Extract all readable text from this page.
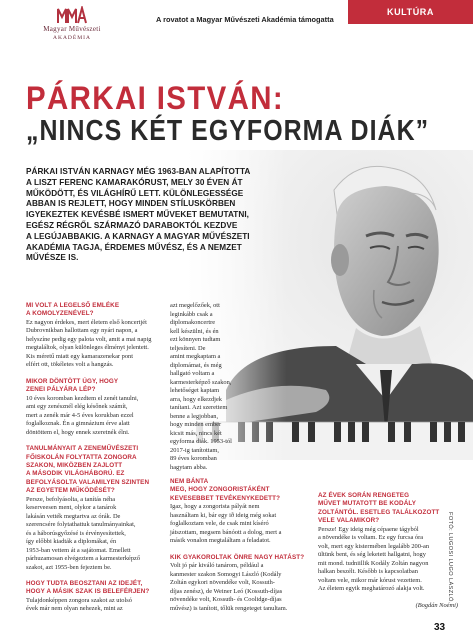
Magyar Művészeti
AKADÉMIA
A rovatot a Magyar Művészeti Akadémia támogatta
KULTÚRA
PÁRKAI ISTVÁN:
„NINCS KÉT EGYFORMA DIÁK”
PÁRKAI ISTVÁN KARNAGY MÉG 1963-BAN ALAPÍTOTTA
A LISZT FERENC KAMARAKÓRUST, MELY 30 ÉVEN ÁT
MŰKÖDÖTT, ÉS VILÁGHÍRŰ LETT. KÜLÖNLEGESSÉGE
ABBAN IS REJLETT, HOGY MINDEN STÍLUSKÖRBEN
IGYEKEZTEK KEVÉSBÉ ISMERT MŰVEKET BEMUTATNI,
EGÉSZ RÉGRŐL SZÁRMAZÓ DARABOKTÓL KEZDVE
A LEGÚJABBAKIG. A KARNAGY A MAGYAR MŰVÉSZETI
AKADÉMIA TAGJA, ÉRDEMES MŰVÉSZ, ÉS A NEMZET
MŰVÉSZE IS.
MI VOLT A LEGELSŐ EMLÉKE
A KOMOLYZENÉVEL?
Ez nagyon érdekes, mert életem első koncertjét
Dubrovnikban hallottam egy nyári napon, a
helyszíne pedig egy palota volt, amit a mai napig
megtaláltok, olyan különleges élményt jelentett.
Kis méretű miatt egy kamarazenekar pont
elfért ott, tökéletes volt a hangzás.
MIKOR DÖNTÖTT ÚGY, HOGY
ZENEI PÁLYÁRA LÉP?
10 éves koromban kezdtem el zenét tanulni,
ami egy zenésznél elég későnek számít,
mert a zenék már 4-5 éves korukban ezzel
foglalkoznak. Én a gimnázium érve alatt
döntöttem el, hogy ennek szeretnék élni.
TANULMÁNYAIT A ZENEMŰVÉSZETI
FŐISKOLÁN FOLYTATTA ZONGORA
SZAKON, MIKÖZBEN ZAJLOTT
A MÁSODIK VILÁGHÁBORÚ. EZ
BEFOLYÁSOLTA VALAMILYEN SZINTEN
AZ EGYETEM MŰKÖDÉSÉT?
Persze, befolyásolta, a tanítás néha
keserveesen ment, olykor a tanárok
lakásán vették megtartva az órák. De
szerencsére folytathattuk tanulmányainkat,
és a háborúsgyőzésé is érvényesítettek,
így előbbi kiadták a diplomákat, én
1953-ban vettem át a sajátomat. Emellett
párhuzamosan elvégeztem a karmesterképző
szakot, azt 1955-ben fejeztem be.
HOGY TUDTA BEOSZTANI AZ IDEJÉT,
HOGY A MÁSIK SZAK IS BELEFÉRJEN?
Tulajdonképpen zongora szakot az utolsó
évek már nem olyan nehezek, mint az
azt megelőzőek, ott
leginkább csak a
diplomakoncertre
kell készülni, és én
ezt könnyen tudtam
teljesíteni. De
amint megkaptam a
diplomámat, és még
hallgató voltam a
karmesterképző szakon,
lehetőséget kaptam
arra, hogy elkezdjek
tanítani. Azt szerettem
benne a legjobban,
hogy minden ember
kicsit más, nincs két
egyforma diák. 1953-tól
2017-ig tanítottam,
89 éves koromban
hagytam abba.
NEM BÁNTA
MEG, HOGY ZONGORISTÁKÉNT
KEVESEBBET TEVÉKENYKEDETT?
Igaz, hogy a zongorista pályát nem
használtam ki, bár egy ið ideig még sokat
foglalkoztam vele, de csak mint kíséró
játszottam, megsem bánóott a dolog, mert a
másik vonalon megtaláltam a feladatot.
KIK GYAKOROLTAK ÖNRE NAGY HATÁST?
Volt jó pár kiváló tanárom, például a
kanmester szakon Somogyi László (Kodály
Zoltán egykori növendéke volt, Kossuth-
díjas zenész), de Weiner Leó (Kossuth-díjas
növendéke volt, Kossuth- és Coolidge-díjas
művész) is tanított, tőlük rengeteget tanultam.
AZ ÉVEK SORÁN RENGETEG
MŰVET MUTATOTT BE KODÁLY
ZOLTÁNTÓL. ESETLEG TALÁLKOZOTT
VELE VALAMIKOR?
Persze! Egy ideig még cépaene tágyból
a növendéke is voltam. Ez egy furcsa óra
volt, mert egy kistermében legalább 200-an
ültünk bent, és ség leketett hallgatni, hogy
mit mond. tudniillik Kodály Zoltán nagyon
halkan beszélt. Később is kapcsolatban
voltam vele, mikor már kórust vezettem.
Az életem egyik meghatározó alakja volt.
(Bogdán Noémi)
FOTÓ: LUGOSI LUGO LÁSZLÓ
33
